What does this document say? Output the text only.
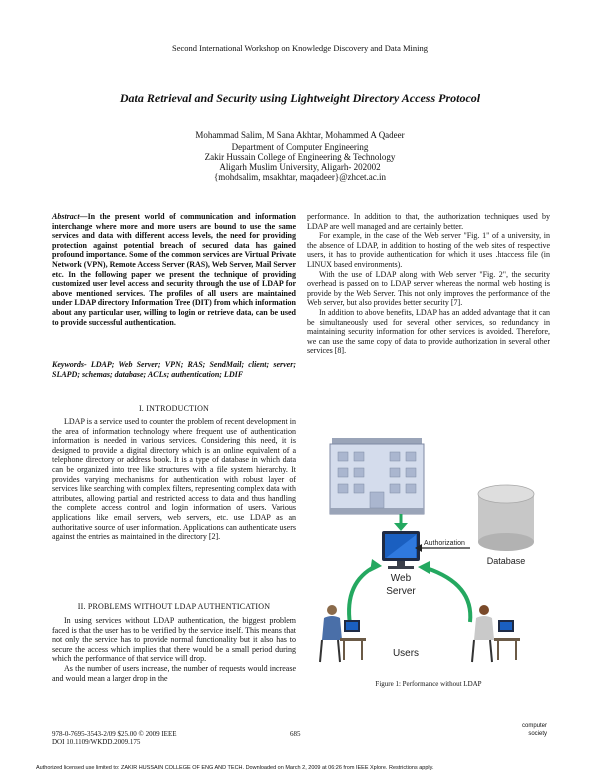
Second International Workshop on Knowledge Discovery and Data Mining
Data Retrieval and Security using Lightweight Directory Access Protocol
Mohammad Salim, M Sana Akhtar, Mohammed A Qadeer
Department of Computer Engineering
Zakir Hussain College of Engineering & Technology
Aligarh Muslim University, Aligarh- 202002
{mohdsalim, msakhtar, maqadeer}@zhcet.ac.in
Abstract—In the present world of communication and information interchange where more and more users are bound to use the same services and data with different access levels, the need for providing protection against potential breach of secured data has gained profound importance. Some of the common services are Virtual Private Network (VPN), Remote Access Server (RAS), Web Server, Mail Server etc. In the following paper we present the technique of providing customized user level access and security through the use of LDAP for above mentioned services. The profiles of all users are maintained under LDAP directory Information Tree (DIT) from which information about any particular user, willing to login or retrieve data, can be used to provide successful authentication.
Keywords- LDAP; Web Server; VPN; RAS; SendMail; client; server; SLAPD; schemas; database; ACLs; authentication; LDIF
I. INTRODUCTION
LDAP is a service used to counter the problem of recent development in the area of information technology where frequent use of authentication information is needed in various services. Considering this need, it is designed to provide a digital directory which is an online equivalent of a telephone directory or address book. It is a type of database in which data can be organized into tree like structures with a file system hierarchy. It provides varying mechanisms for authentication with robust layer of services like searching with complex filters, representing complex data with attributes, allowing partial and restricted access to data and thus handling the complete access control and login information of users. Various applications like email servers, web servers, etc. use LDAP as an authoritative source of user information. Applications can authenticate users against the entries as maintained in the directory [2].
II. PROBLEMS WITHOUT LDAP AUTHENTICATION
In using services without LDAP authentication, the biggest problem faced is that the user has to be verified by the service itself. This means that not only the service has to provide normal functionality but it also has to secure the access which implies that there would be a small period during which the performance of that service will drop.
As the number of users increase, the number of requests would increase and would mean a larger drop in the
performance. In addition to that, the authorization techniques used by LDAP are well managed and are certainly better.
For example, in the case of the Web server "Fig. 1" of a university, in the absence of LDAP, in addition to hosting of the web sites of respective users, it has to provide authentication for which it uses .htaccess file (in LINUX based environments).
With the use of LDAP along with Web server "Fig. 2", the security overhead is passed on to LDAP server whereas the normal web hosting is provide by the Web Server. This not only improves the performance of the Web server, but also provides better security [7].
In addition to above benefits, LDAP has an added advantage that it can be simultaneously used for several other services, so redundancy in maintaining security information for other services is avoided. Therefore, we can use the same copy of data to provide authorization in several other services [8].
Authorization
Database
Web
Server
Users
Figure 1: Performance without LDAP
978-0-7695-3543-2/09 $25.00 © 2009 IEEE
DOI 10.1109/WKDD.2009.175
685
computer
society
Authorized licensed use limited to: ZAKIR HUSSAIN COLLEGE OF ENG AND TECH. Downloaded on March 2, 2009 at 06:26 from IEEE Xplore. Restrictions apply.
